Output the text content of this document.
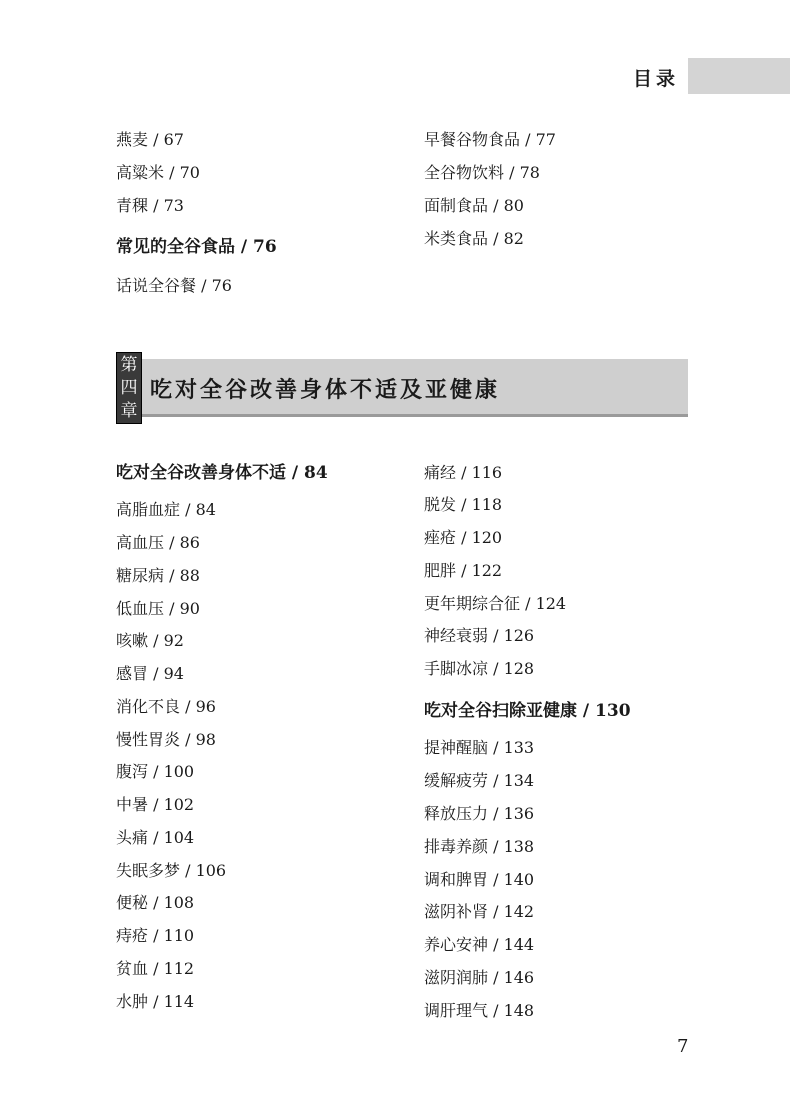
目录
燕麦 / 67
高粱米 / 70
青稞 / 73
常见的全谷食品 / 76
话说全谷餐 / 76
早餐谷物食品 / 77
全谷物饮料 / 78
面制食品 / 80
米类食品 / 82
第
四
章
吃对全谷改善身体不适及亚健康
吃对全谷改善身体不适 / 84
高脂血症 / 84
高血压 / 86
糖尿病 / 88
低血压 / 90
咳嗽 / 92
感冒 / 94
消化不良 / 96
慢性胃炎 / 98
腹泻 / 100
中暑 / 102
头痛 / 104
失眠多梦 / 106
便秘 / 108
痔疮 / 110
贫血 / 112
水肿 / 114
痛经 / 116
脱发 / 118
痤疮 / 120
肥胖 / 122
更年期综合征 / 124
神经衰弱 / 126
手脚冰凉 / 128
吃对全谷扫除亚健康 / 130
提神醒脑 / 133
缓解疲劳 / 134
释放压力 / 136
排毒养颜 / 138
调和脾胃 / 140
滋阴补肾 / 142
养心安神 / 144
滋阴润肺 / 146
调肝理气 / 148
7
